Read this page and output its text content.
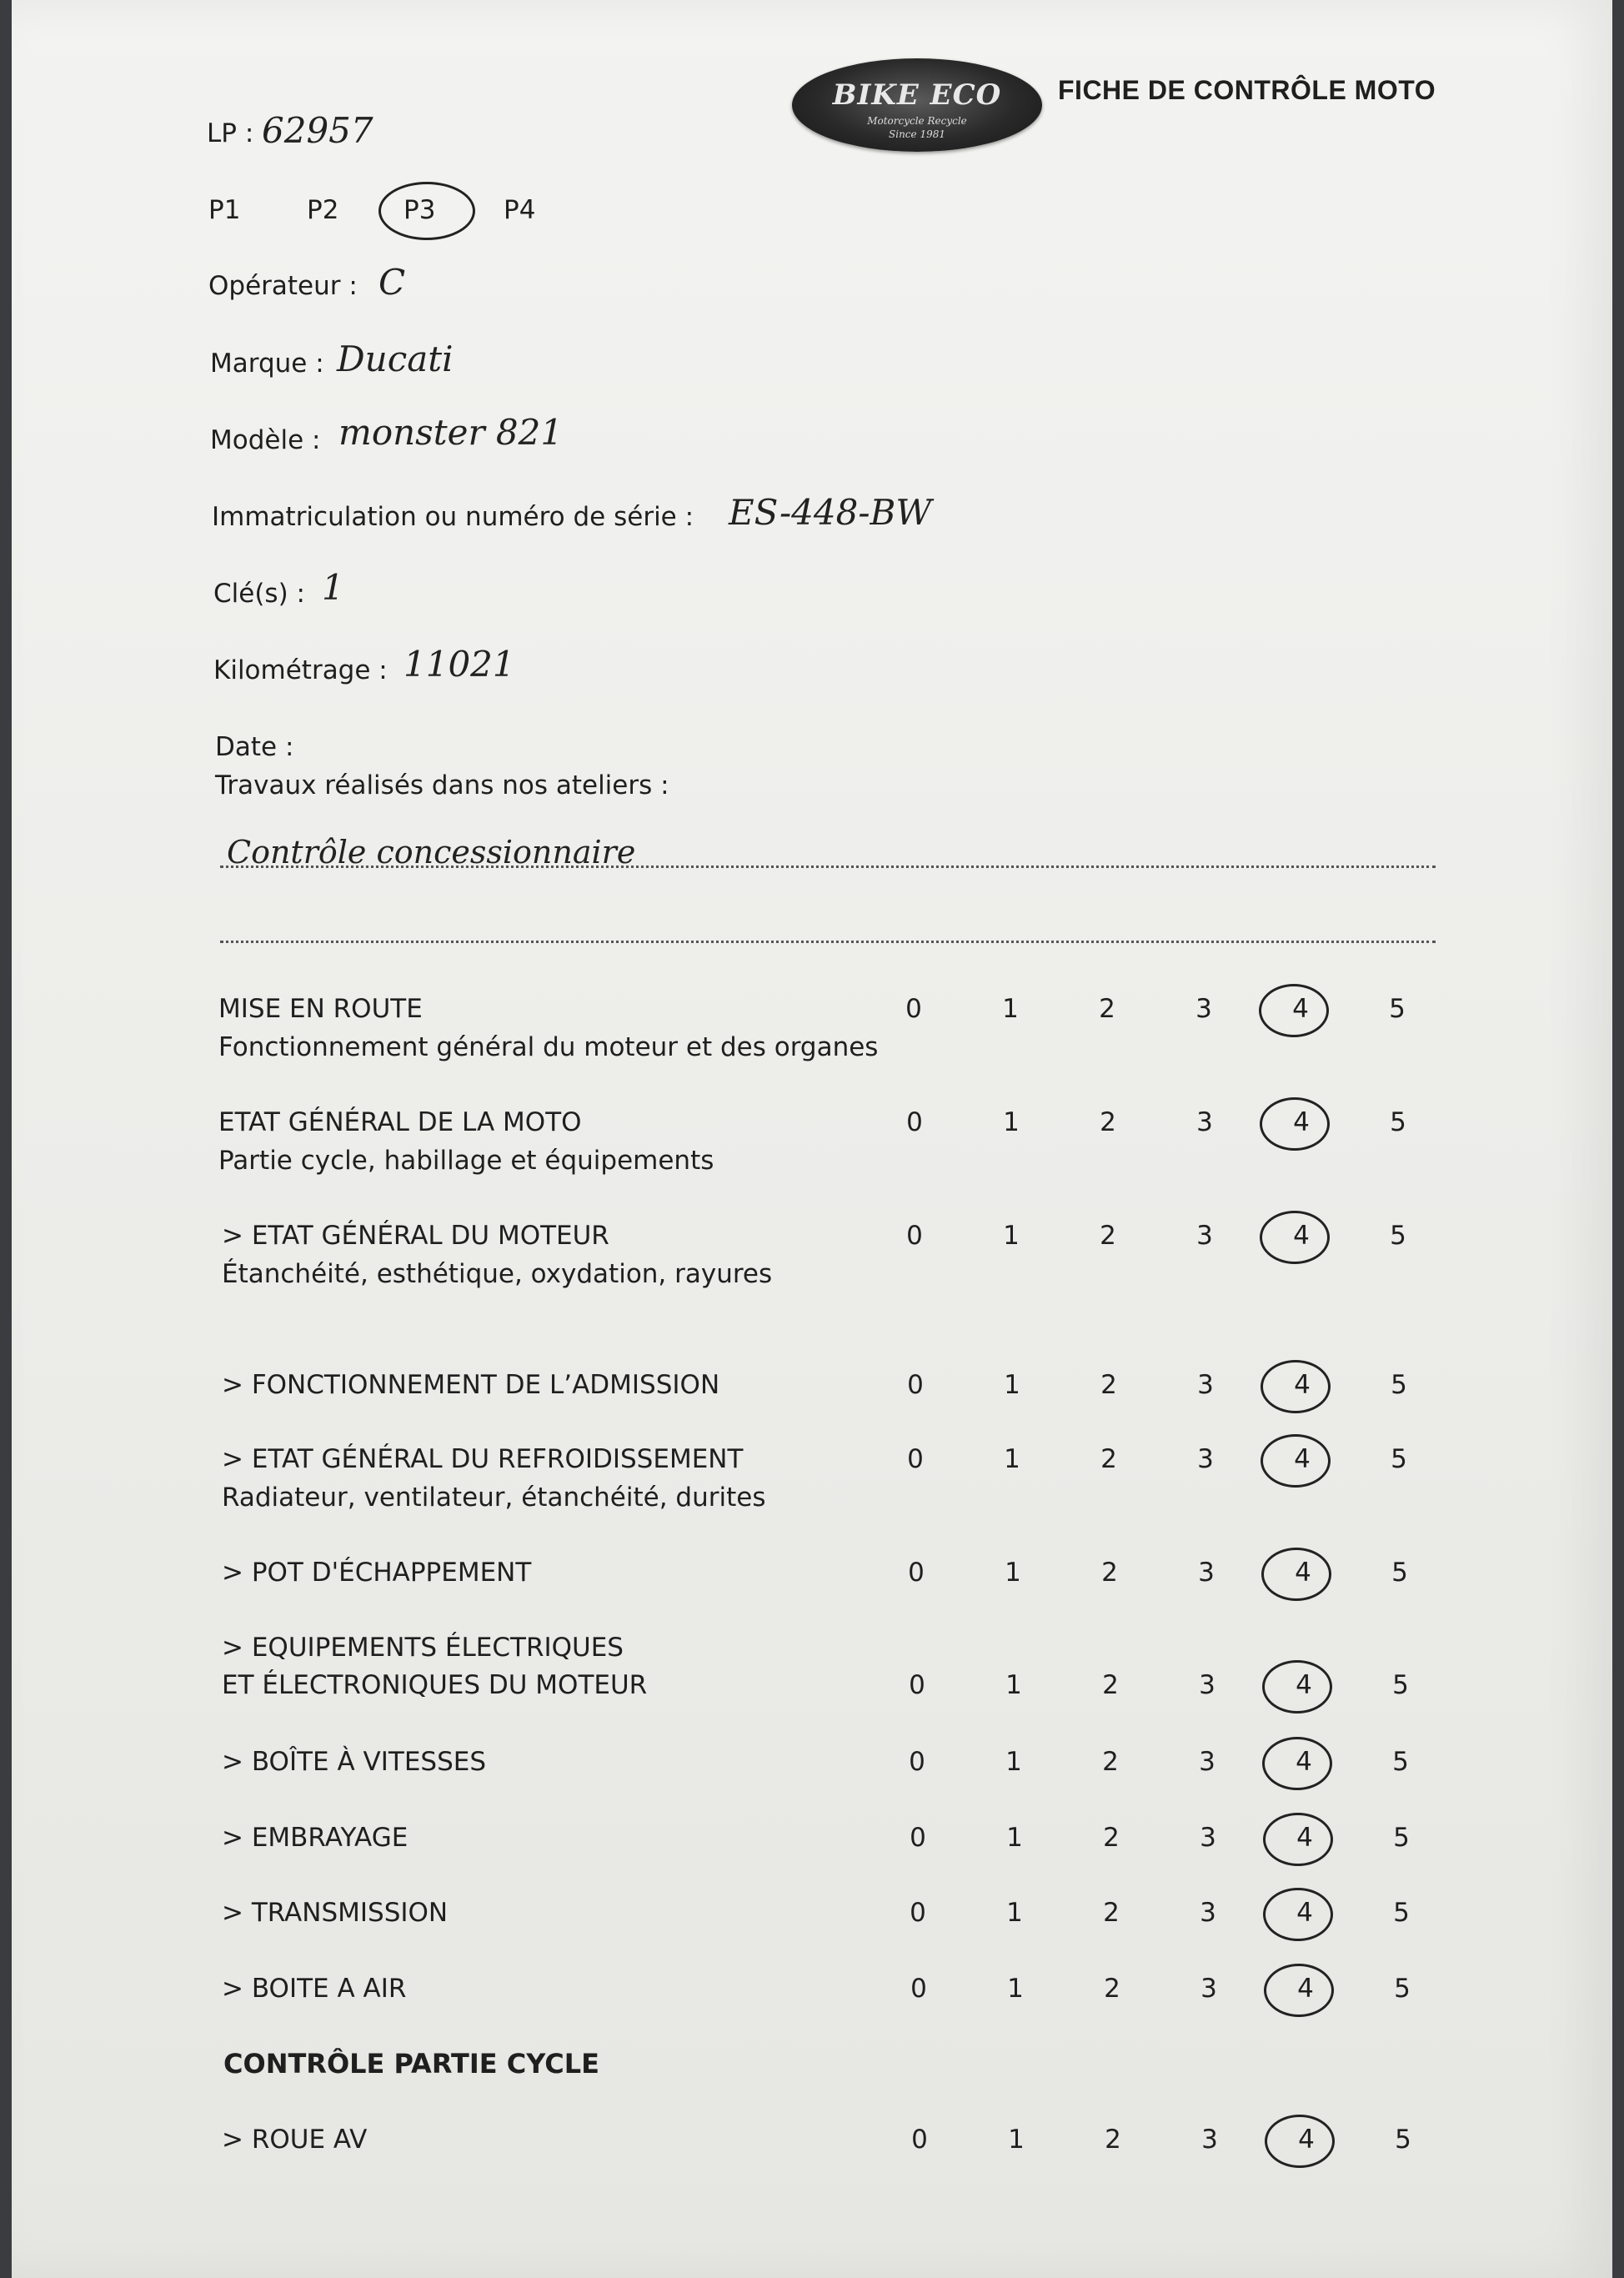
BIKE ECO
Motorcycle Recycle
Since 1981
FICHE DE CONTRÔLE MOTO
LP : 62957
P1	P2	P3	P4
Opérateur : C
Marque : Ducati
Modèle : monster 821
Immatriculation ou numéro de série : ES-448-BW
Clé(s) : 1
Kilométrage : 11021
Date :
Travaux réalisés dans nos ateliers :
Contrôle concessionnaire
CONTRÔLE PARTIE CYCLE
MISE EN ROUTE
Fonctionnement général du moteur et des organes
0	1	2	3	4	5
ETAT GÉNÉRAL DE LA MOTO
Partie cycle, habillage et équipements
0	1	2	3	4	5
> ETAT GÉNÉRAL DU MOTEUR
Étanchéité, esthétique, oxydation, rayures
0	1	2	3	4	5
> FONCTIONNEMENT DE L’ADMISSION	0	1	2	3	4	5
> ETAT GÉNÉRAL DU REFROIDISSEMENT
Radiateur, ventilateur, étanchéité, durites
0	1	2	3	4	5
> POT D'ÉCHAPPEMENT	0	1	2	3	4	5
> EQUIPEMENTS ÉLECTRIQUES
ET ÉLECTRONIQUES DU MOTEUR	0	1	2	3	4	5
> BOÎTE À VITESSES	0	1	2	3	4	5
> EMBRAYAGE	0	1	2	3	4	5
> TRANSMISSION	0	1	2	3	4	5
> BOITE A AIR	0	1	2	3	4	5
> ROUE AV	0	1	2	3	4	5
